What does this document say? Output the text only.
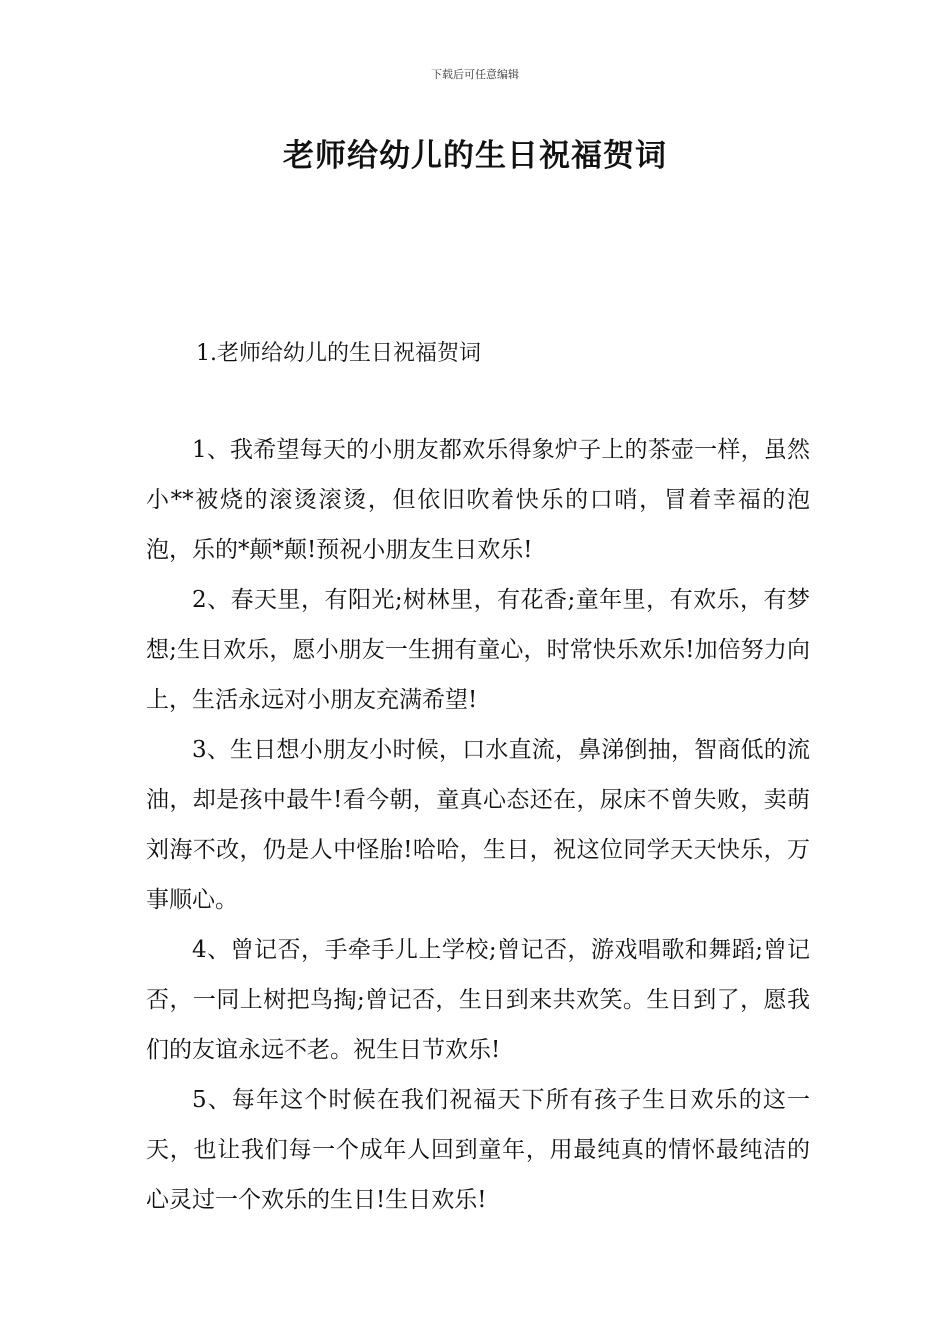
下载后可任意编辑
老师给幼儿的生日祝福贺词
1.老师给幼儿的生日祝福贺词

1、我希望每天的小朋友都欢乐得象炉子上的茶壶一样，虽然小**被烧的滚烫滚烫，但依旧吹着快乐的口哨，冒着幸福的泡泡，乐的*颠*颠!预祝小朋友生日欢乐!

2、春天里，有阳光;树林里，有花香;童年里，有欢乐，有梦想;生日欢乐，愿小朋友一生拥有童心，时常快乐欢乐!加倍努力向上，生活永远对小朋友充满希望!

3、生日想小朋友小时候，口水直流，鼻涕倒抽，智商低的流油，却是孩中最牛!看今朝，童真心态还在，尿床不曾失败，卖萌刘海不改，仍是人中怪胎!哈哈，生日，祝这位同学天天快乐，万事顺心。

4、曾记否，手牵手儿上学校;曾记否，游戏唱歌和舞蹈;曾记否，一同上树把鸟掏;曾记否，生日到来共欢笑。生日到了，愿我们的友谊永远不老。祝生日节欢乐!

5、每年这个时候在我们祝福天下所有孩子生日欢乐的这一天，也让我们每一个成年人回到童年，用最纯真的情怀最纯洁的心灵过一个欢乐的生日!生日欢乐!
